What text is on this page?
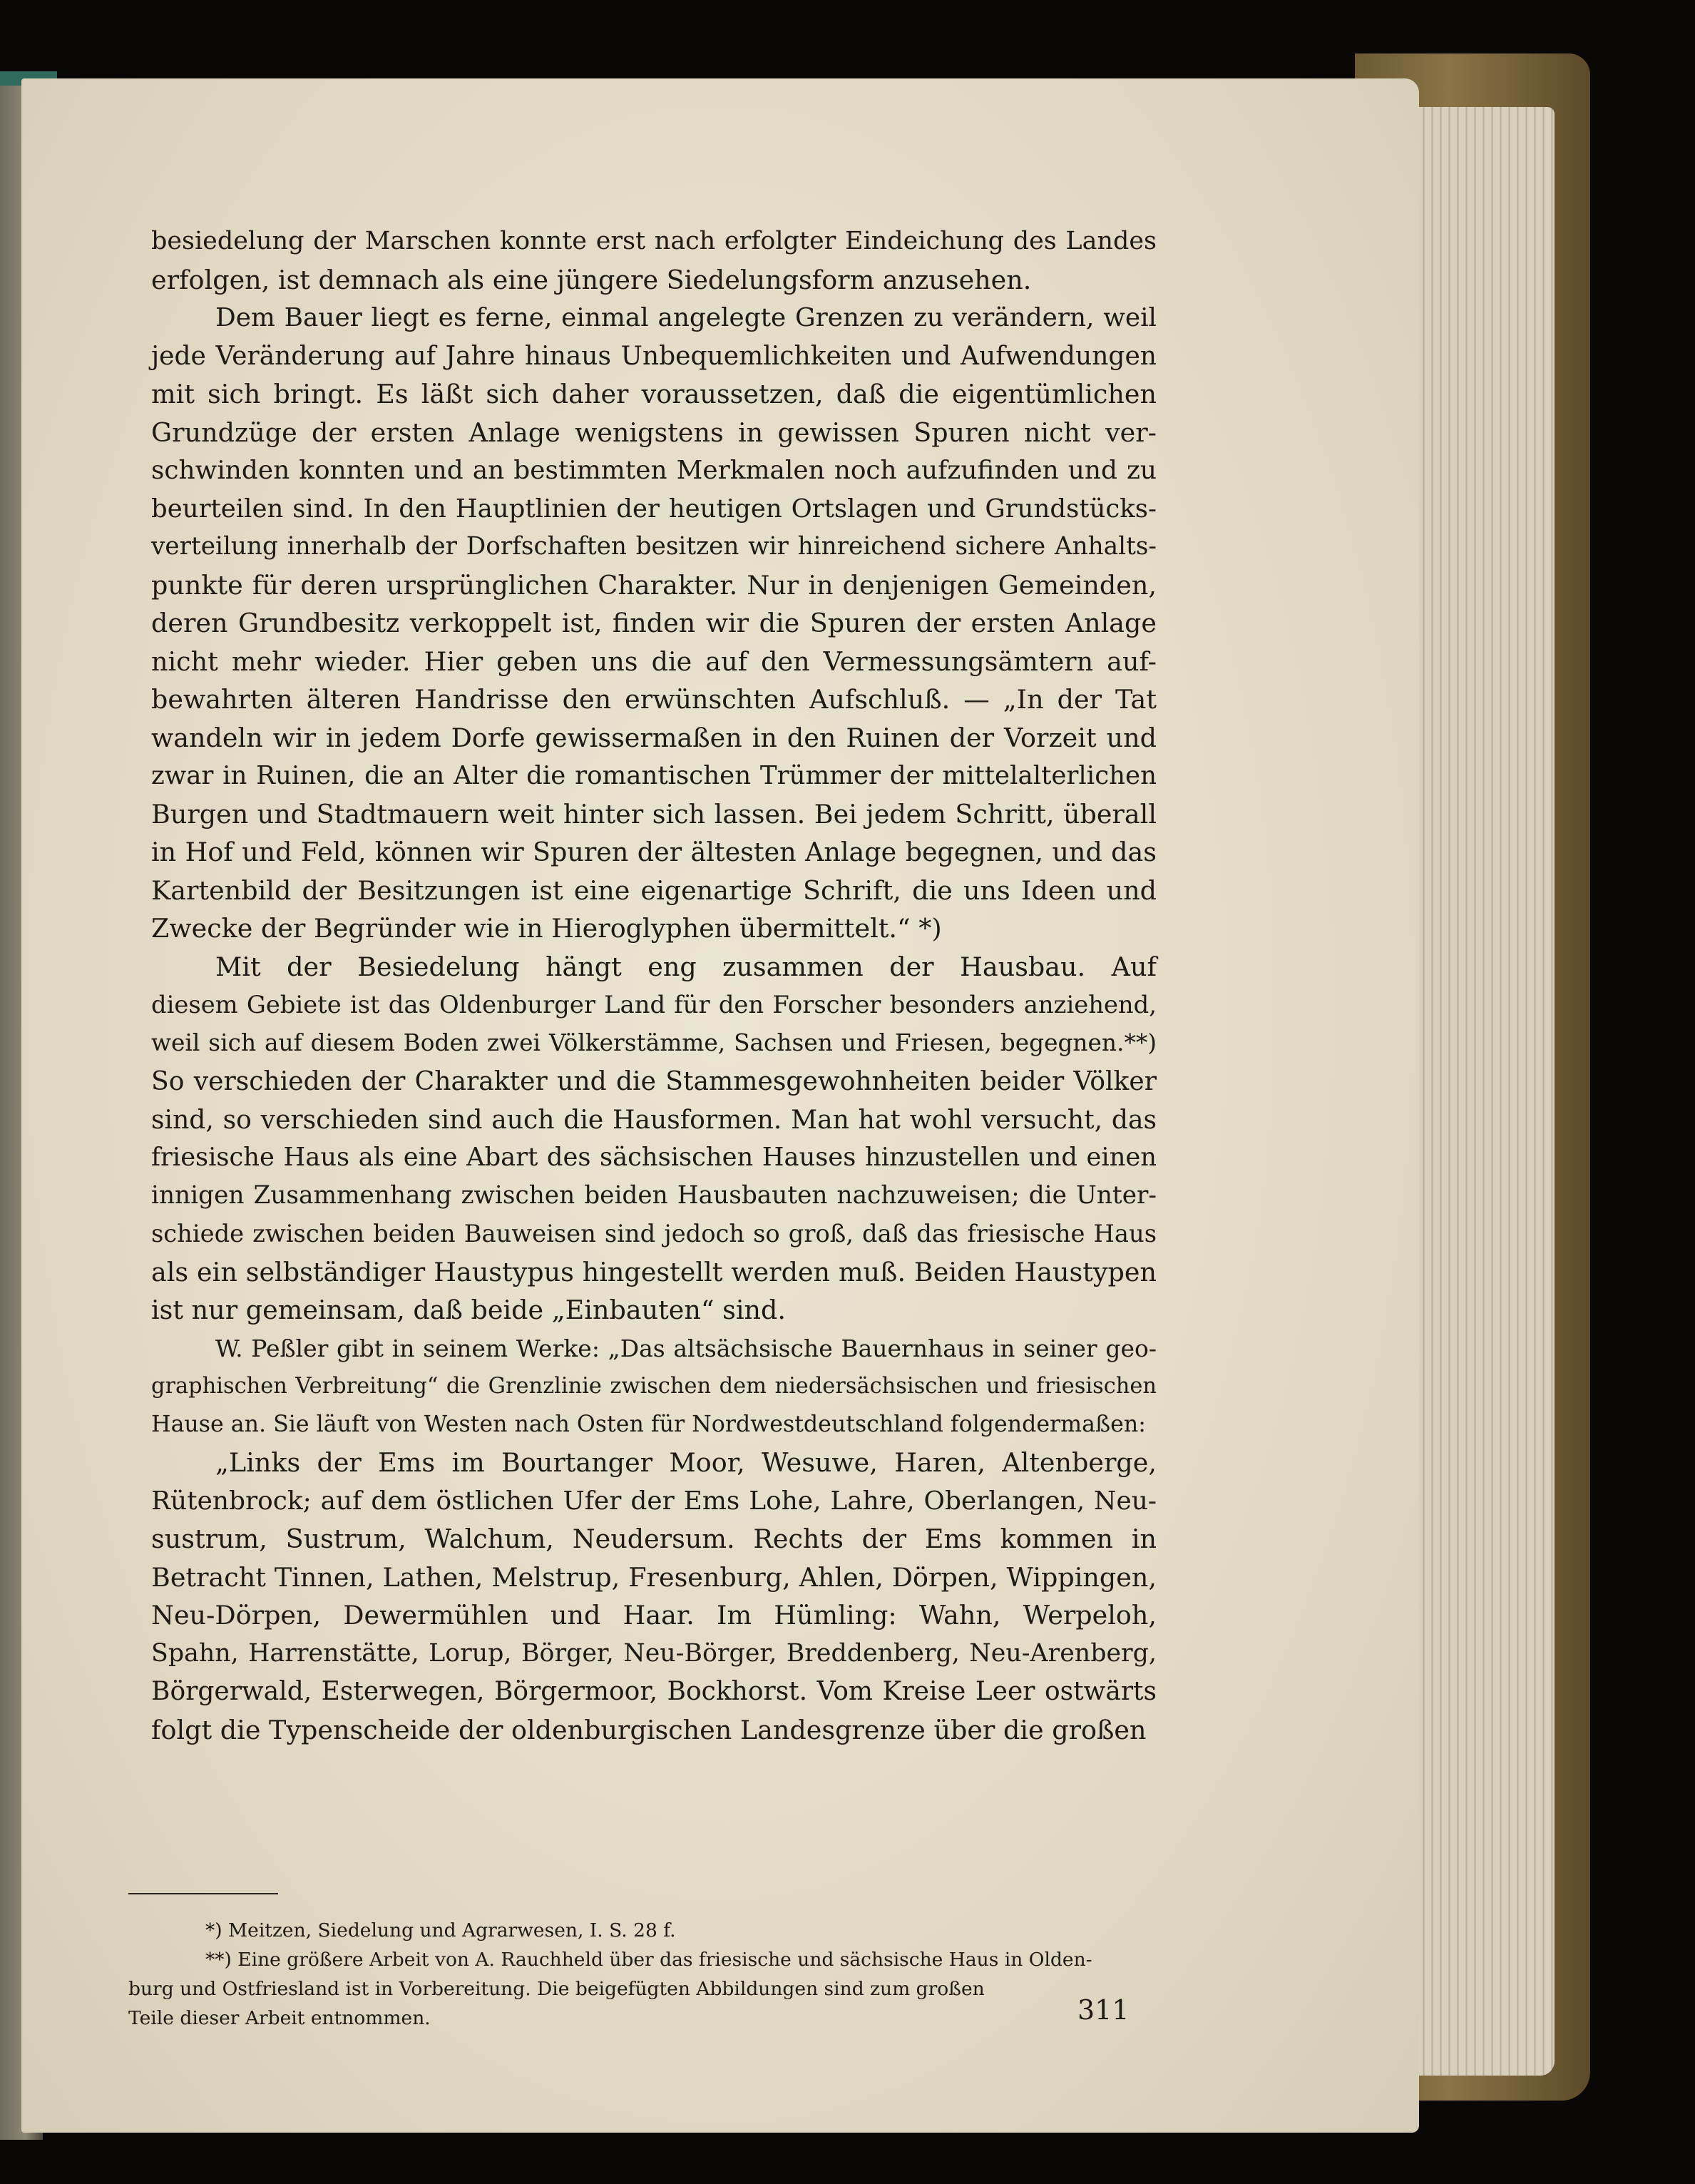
besiedelung der Marschen konnte erst nach erfolgter Eindeichung des Landes
erfolgen, ist demnach als eine jüngere Siedelungsform anzusehen.
Dem Bauer liegt es ferne, einmal angelegte Grenzen zu verändern, weil
jede Veränderung auf Jahre hinaus Unbequemlichkeiten und Aufwendungen
mit sich bringt. Es läßt sich daher voraussetzen, daß die eigentümlichen
Grundzüge der ersten Anlage wenigstens in gewissen Spuren nicht ver-
schwinden konnten und an bestimmten Merkmalen noch aufzufinden und zu
beurteilen sind. In den Hauptlinien der heutigen Ortslagen und Grundstücks-
verteilung innerhalb der Dorfschaften besitzen wir hinreichend sichere Anhalts-
punkte für deren ursprünglichen Charakter. Nur in denjenigen Gemeinden,
deren Grundbesitz verkoppelt ist, finden wir die Spuren der ersten Anlage
nicht mehr wieder. Hier geben uns die auf den Vermessungsämtern auf-
bewahrten älteren Handrisse den erwünschten Aufschluß. — „In der Tat
wandeln wir in jedem Dorfe gewissermaßen in den Ruinen der Vorzeit und
zwar in Ruinen, die an Alter die romantischen Trümmer der mittelalterlichen
Burgen und Stadtmauern weit hinter sich lassen. Bei jedem Schritt, überall
in Hof und Feld, können wir Spuren der ältesten Anlage begegnen, und das
Kartenbild der Besitzungen ist eine eigenartige Schrift, die uns Ideen und
Zwecke der Begründer wie in Hieroglyphen übermittelt.“ *)
Mit der Besiedelung hängt eng zusammen der Hausbau. Auf
diesem Gebiete ist das Oldenburger Land für den Forscher besonders anziehend,
weil sich auf diesem Boden zwei Völkerstämme, Sachsen und Friesen, begegnen.**)
So verschieden der Charakter und die Stammesgewohnheiten beider Völker
sind, so verschieden sind auch die Hausformen. Man hat wohl versucht, das
friesische Haus als eine Abart des sächsischen Hauses hinzustellen und einen
innigen Zusammenhang zwischen beiden Hausbauten nachzuweisen; die Unter-
schiede zwischen beiden Bauweisen sind jedoch so groß, daß das friesische Haus
als ein selbständiger Haustypus hingestellt werden muß. Beiden Haustypen
ist nur gemeinsam, daß beide „Einbauten“ sind.
W. Peßler gibt in seinem Werke: „Das altsächsische Bauernhaus in seiner geo-
graphischen Verbreitung“ die Grenzlinie zwischen dem niedersächsischen und friesischen
Hause an. Sie läuft von Westen nach Osten für Nordwestdeutschland folgendermaßen:
„Links der Ems im Bourtanger Moor, Wesuwe, Haren, Altenberge,
Rütenbrock; auf dem östlichen Ufer der Ems Lohe, Lahre, Oberlangen, Neu-
sustrum, Sustrum, Walchum, Neudersum. Rechts der Ems kommen in
Betracht Tinnen, Lathen, Melstrup, Fresenburg, Ahlen, Dörpen, Wippingen,
Neu-Dörpen, Dewermühlen und Haar. Im Hümling: Wahn, Werpeloh,
Spahn, Harrenstätte, Lorup, Börger, Neu-Börger, Breddenberg, Neu-Arenberg,
Börgerwald, Esterwegen, Börgermoor, Bockhorst. Vom Kreise Leer ostwärts
folgt die Typenscheide der oldenburgischen Landesgrenze über die großen
*) Meitzen, Siedelung und Agrarwesen, I. S. 28 f.
**) Eine größere Arbeit von A. Rauchheld über das friesische und sächsische Haus in Olden-
burg und Ostfriesland ist in Vorbereitung. Die beigefügten Abbildungen sind zum großen
Teile dieser Arbeit entnommen.	311
